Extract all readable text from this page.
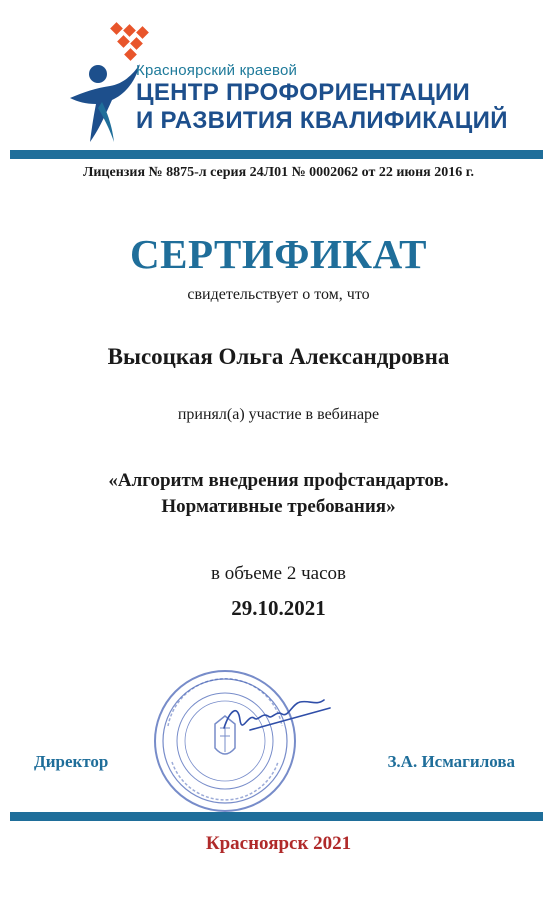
Красноярский краевой
ЦЕНТР ПРОФОРИЕНТАЦИИ
И РАЗВИТИЯ КВАЛИФИКАЦИЙ
Лицензия № 8875-л серия 24Л01 № 0002062 от 22 июня 2016 г.
СЕРТИФИКАТ
свидетельствует о том, что
Высоцкая Ольга Александровна
принял(а) участие в вебинаре
«Алгоритм внедрения профстандартов.
Нормативные требования»
в объеме 2 часов
29.10.2021
Директор	З.А. Исмагилова
Красноярск 2021
